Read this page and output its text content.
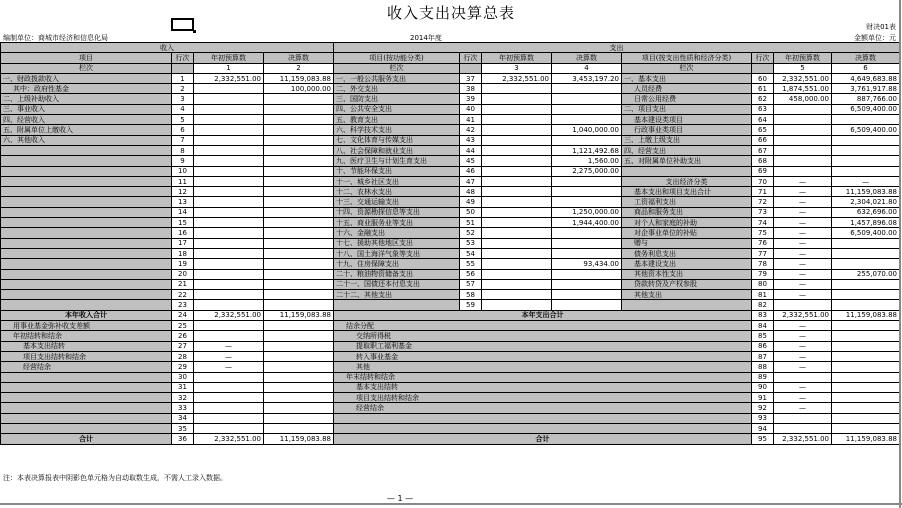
收入支出决算总表
财决01表
编制单位：商城市经济和信息化局	2014年度	金额单位：元
收入				支出							
项目	行次	年初预算数	决算数	项目(按功能分类)	行次	年初预算数	决算数	项目(按支出性质和经济分类)	行次	年初预算数	决算数
栏次		1	2	栏次		3	4	栏次		5	6
一、财政拨款收入	1	2,332,551.00	11,159,083.88	一、一般公共服务支出	37	2,332,551.00	3,453,197.20	一、基本支出	60	2,332,551.00	4,649,683.88
其中：政府性基金	2		100,000.00	二、外交支出	38			人员经费	61	1,874,551.00	3,761,917.88
二、上级补助收入	3			三、国防支出	39			日常公用经费	62	458,000.00	887,766.00
三、事业收入	4			四、公共安全支出	40			二、项目支出	63		6,509,400.00
四、经营收入	5			五、教育支出	41			基本建设类项目	64		
五、附属单位上缴收入	6			六、科学技术支出	42		1,040,000.00	行政事业类项目	65		6,509,400.00
六、其他收入	7			七、文化体育与传媒支出	43			三、上缴上级支出	66		
	8			八、社会保障和就业支出	44		1,121,492.68	四、经营支出	67		
	9			九、医疗卫生与计划生育支出	45		1,560.00	五、对附属单位补助支出	68		
	10			十、节能环保支出	46		2,275,000.00		69		
	11			十一、城乡社区支出	47			支出经济分类	70	—	—
	12			十二、农林水支出	48			基本支出和项目支出合计	71	—	11,159,083.88
	13			十三、交通运输支出	49			工资福利支出	72	—	2,304,021.80
	14			十四、资源勘探信息等支出	50		1,250,000.00	商品和服务支出	73	—	632,696.00
	15			十五、商业服务业等支出	51		1,944,400.00	对个人和家庭的补助	74	—	1,457,896.08
	16			十六、金融支出	52			对企事业单位的补贴	75	—	6,509,400.00
	17			十七、援助其他地区支出	53			赠与	76	—	
	18			十八、国土海洋气象等支出	54			债务利息支出	77	—	
	19			十九、住房保障支出	55		93,434.00	基本建设支出	78	—	
	20			二十、粮油物资储备支出	56			其他资本性支出	79	—	255,070.00
	21			二十一、国债还本付息支出	57			贷款转贷及产权参股	80	—	
	22			二十二、其他支出	58			其他支出	81	—	
	23				59				82		
本年收入合计	24	2,332,551.00	11,159,083.88	本年支出合计					83	2,332,551.00	11,159,083.88
用事业基金弥补收支差额	25			结余分配					84	—	
年初结转和结余	26			交纳所得税					85	—	
基本支出结转	27	—		提取职工福利基金					86	—	
项目支出结转和结余	28	—		转入事业基金					87	—	
经营结余	29	—		其他					88	—	
	30			年末结转和结余					89		
	31			基本支出结转					90	—	
	32			项目支出结转和结余					91	—	
	33			经营结余					92	—	
	34								93		
	35								94		
合计	36	2,332,551.00	11,159,083.88	合计					95	2,332,551.00	11,159,083.88
注：本表决算报表中阴影色单元格为自动取数生成，不需人工录入数据。
— 1 —
